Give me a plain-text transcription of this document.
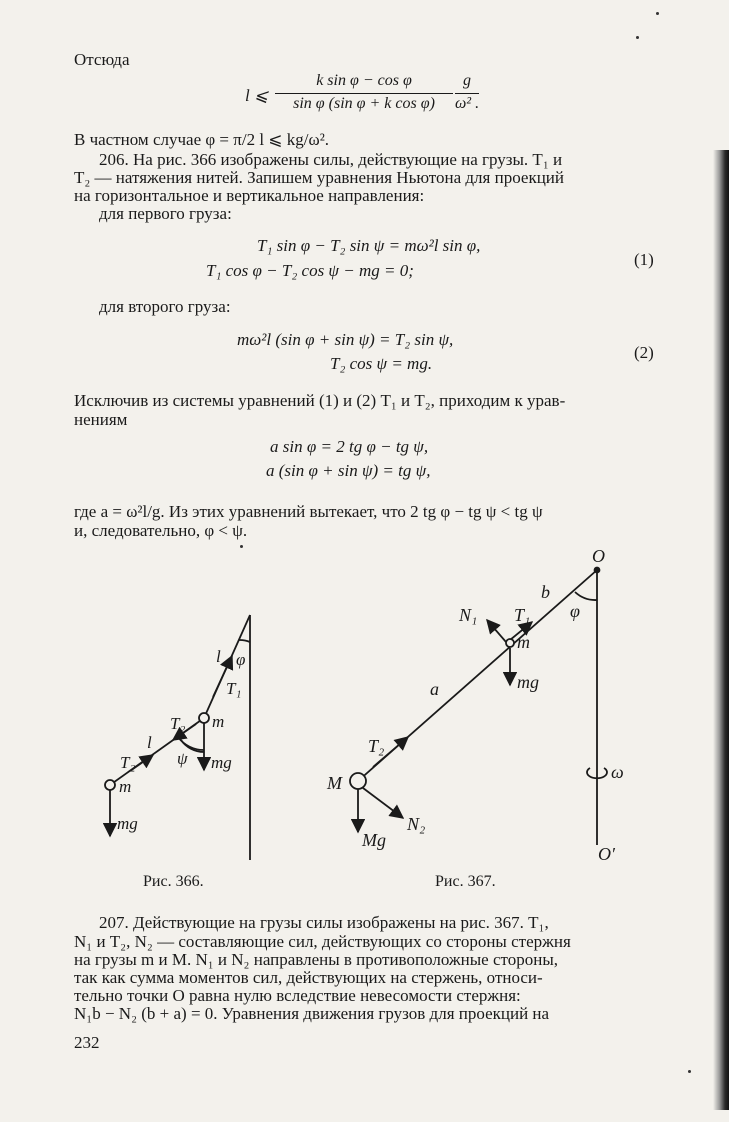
Отсюда
l ⩽
k sin φ − cos φ
sin φ (sin φ + k cos φ)
g
ω² .
В частном случае φ = π/2 l ⩽ kg/ω².
206. На рис. 366 изображены силы, действующие на грузы. T₁ и
T₂ — натяжения нитей. Запишем уравнения Ньютона для проекций
на горизонтальное и вертикальное направления:
для первого груза:
T₁ sin φ − T₂ sin ψ = mω²l sin φ,
T₁ cos φ − T₂ cos ψ − mg = 0;
(1)
для второго груза:
mω²l (sin φ + sin ψ) = T₂ sin ψ,
T₂ cos ψ = mg.
(2)
Исключив из системы уравнений (1) и (2) T₁ и T₂, приходим к урав-
нениям
a sin φ = 2 tg φ − tg ψ,
a (sin φ + sin ψ) = tg ψ,
где a = ω²l/g. Из этих уравнений вытекает, что 2 tg φ − tg ψ < tg ψ
и, следовательно, φ < ψ.
l φ
T₁
T₂ m
l
T₂ ψ mg
m
mg
O
b
φ
N₁ T₁
m
mg
a
T₂
M
N₂
Mg
ω
O′
Рис. 366.	Рис. 367.
207. Действующие на грузы силы изображены на рис. 367. T₁,
N₁ и T₂, N₂ — составляющие сил, действующих со стороны стержня
на грузы m и M. N₁ и N₂ направлены в противоположные стороны,
так как сумма моментов сил, действующих на стержень, относи-
тельно точки O равна нулю вследствие невесомости стержня:
N₁b − N₂ (b + a) = 0. Уравнения движения грузов для проекций на
232
